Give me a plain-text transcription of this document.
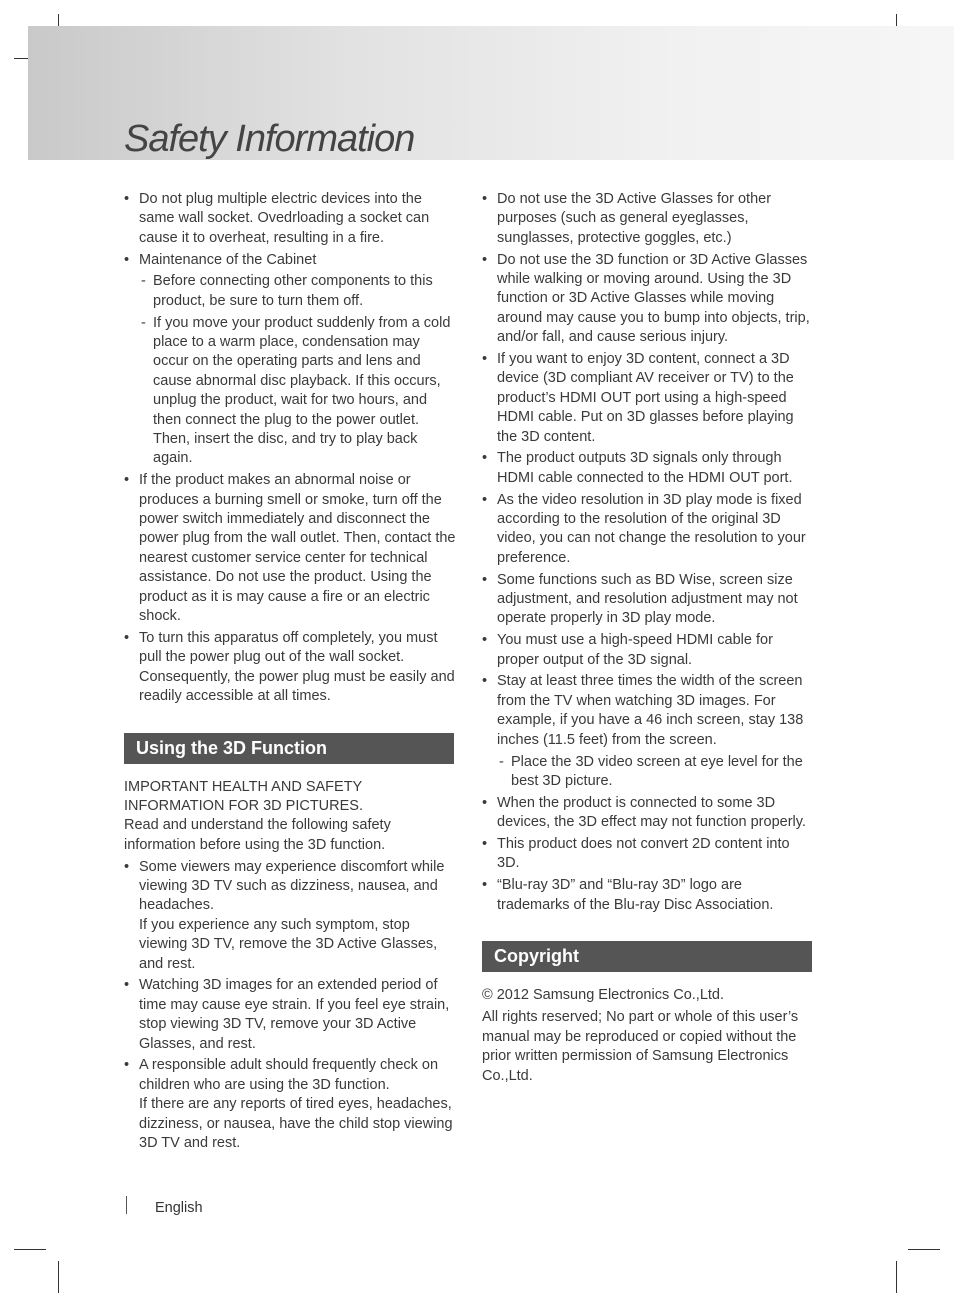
Safety Information
• Do not plug multiple electric devices into the same wall socket. Ovedrloading a socket can cause it to overheat, resulting in a fire.
• Maintenance of the Cabinet
- Before connecting other components to this product, be sure to turn them off.
- If you move your product suddenly from a cold place to a warm place, condensation may occur on the operating parts and lens and cause abnormal disc playback. If this occurs, unplug the product, wait for two hours, and then connect the plug to the power outlet. Then, insert the disc, and try to play back again.
• If the product makes an abnormal noise or produces a burning smell or smoke, turn off the power switch immediately and disconnect the power plug from the wall outlet. Then, contact the nearest customer service center for technical assistance. Do not use the product. Using the product as it is may cause a fire or an electric shock.
• To turn this apparatus off completely, you must pull the power plug out of the wall socket. Consequently, the power plug must be easily and readily accessible at all times.
Using the 3D Function

IMPORTANT HEALTH AND SAFETY INFORMATION FOR 3D PICTURES.

Read and understand the following safety information before using the 3D function.

• Some viewers may experience discomfort while viewing 3D TV such as dizziness, nausea, and headaches.
If you experience any such symptom, stop viewing 3D TV, remove the 3D Active Glasses, and rest.
• Watching 3D images for an extended period of time may cause eye strain. If you feel eye strain, stop viewing 3D TV, remove your 3D Active Glasses, and rest.
• A responsible adult should frequently check on children who are using the 3D function.
If there are any reports of tired eyes, headaches, dizziness, or nausea, have the child stop viewing 3D TV and rest.
• Do not use the 3D Active Glasses for other purposes (such as general eyeglasses, sunglasses, protective goggles, etc.)
• Do not use the 3D function or 3D Active Glasses while walking or moving around. Using the 3D function or 3D Active Glasses while moving around may cause you to bump into objects, trip, and/or fall, and cause serious injury.
• If you want to enjoy 3D content, connect a 3D device (3D compliant AV receiver or TV) to the product’s HDMI OUT port using a high-speed HDMI cable. Put on 3D glasses before playing the 3D content.
• The product outputs 3D signals only through HDMI cable connected to the HDMI OUT port.
• As the video resolution in 3D play mode is fixed according to the resolution of the original 3D video, you can not change the resolution to your preference.
• Some functions such as BD Wise, screen size adjustment, and resolution adjustment may not operate properly in 3D play mode.
• You must use a high-speed HDMI cable for proper output of the 3D signal.
• Stay at least three times the width of the screen from the TV when watching 3D images. For example, if you have a 46 inch screen, stay 138 inches (11.5 feet) from the screen.
- Place the 3D video screen at eye level for the best 3D picture.
• When the product is connected to some 3D devices, the 3D effect may not function properly.
• This product does not convert 2D content into 3D.
• “Blu-ray 3D” and “Blu-ray 3D” logo are trademarks of the Blu-ray Disc Association.
Copyright

© 2012 Samsung Electronics Co.,Ltd.

All rights reserved; No part or whole of this user’s manual may be reproduced or copied without the prior written permission of Samsung Electronics Co.,Ltd.

English
